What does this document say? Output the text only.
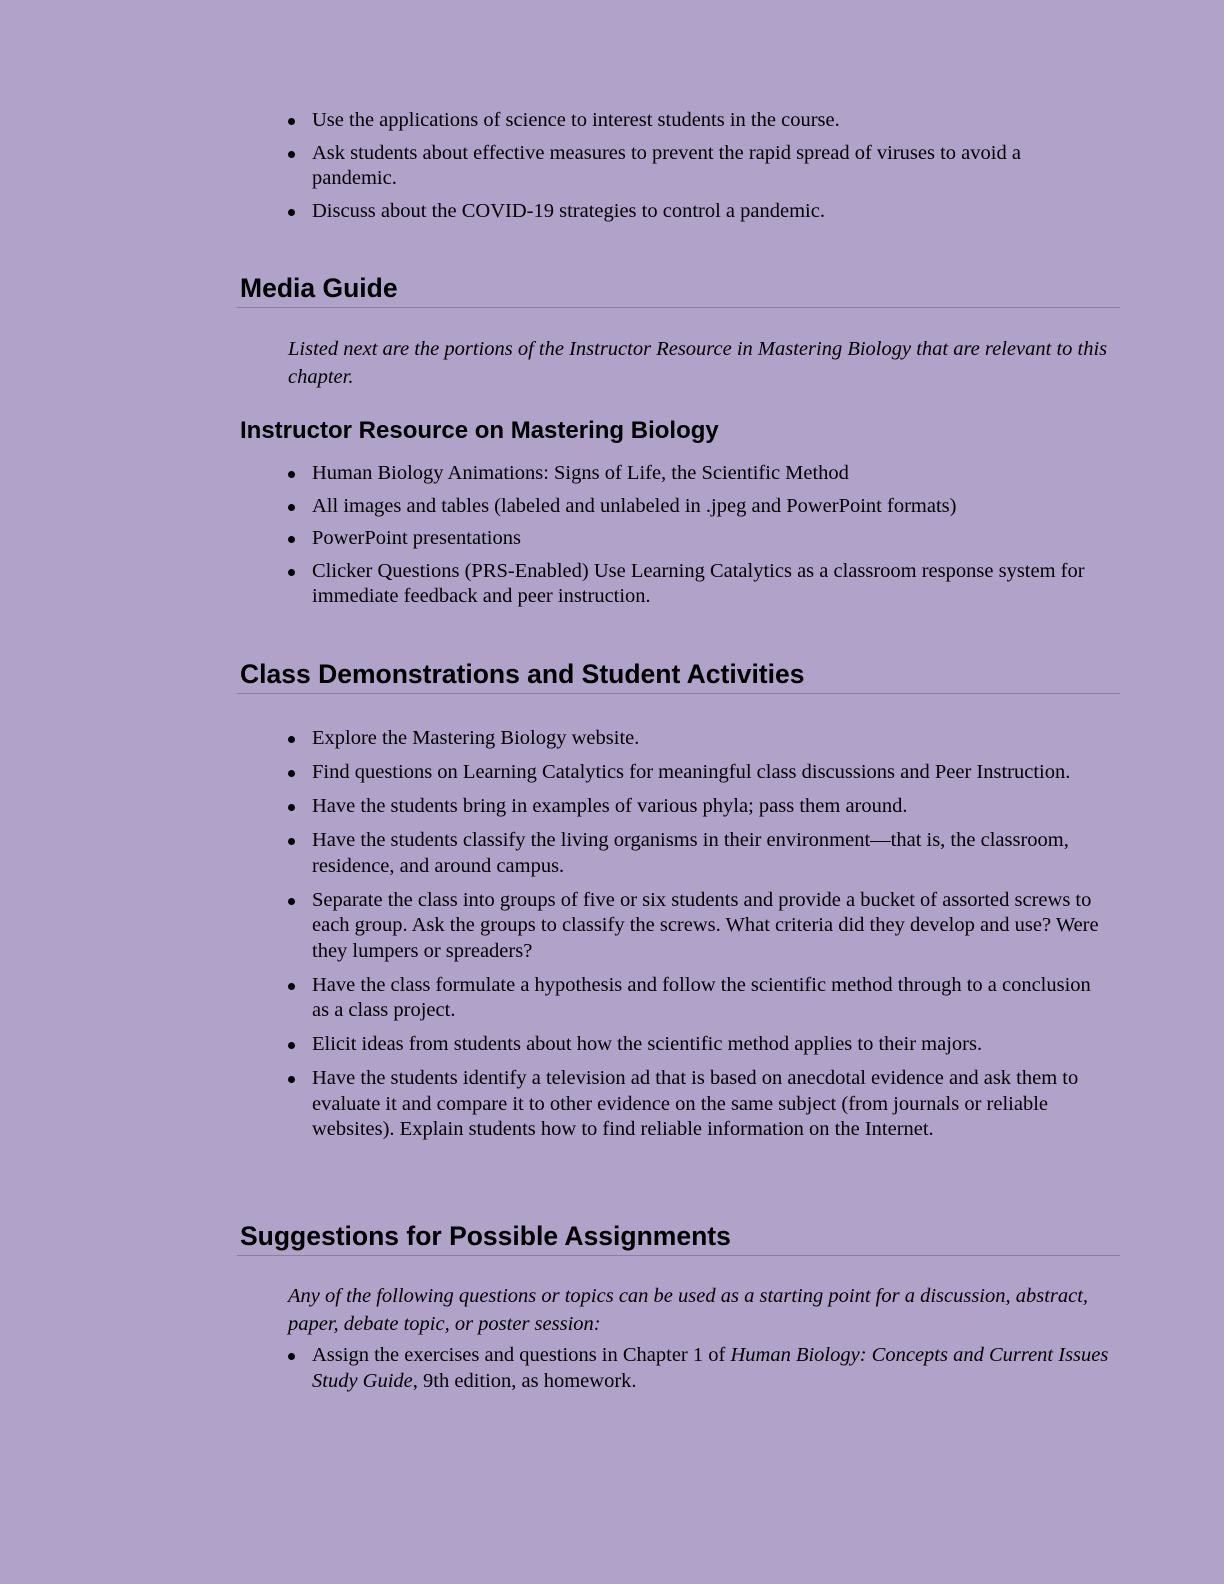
Use the applications of science to interest students in the course.
Ask students about effective measures to prevent the rapid spread of viruses to avoid a pandemic.
Discuss about the COVID-19 strategies to control a pandemic.
Media Guide
Listed next are the portions of the Instructor Resource in Mastering Biology that are relevant to this chapter.
Instructor Resource on Mastering Biology
Human Biology Animations: Signs of Life, the Scientific Method
All images and tables (labeled and unlabeled in .jpeg and PowerPoint formats)
PowerPoint presentations
Clicker Questions (PRS-Enabled) Use Learning Catalytics as a classroom response system for immediate feedback and peer instruction.
Class Demonstrations and Student Activities
Explore the Mastering Biology website.
Find questions on Learning Catalytics for meaningful class discussions and Peer Instruction.
Have the students bring in examples of various phyla; pass them around.
Have the students classify the living organisms in their environment—that is, the classroom, residence, and around campus.
Separate the class into groups of five or six students and provide a bucket of assorted screws to each group. Ask the groups to classify the screws. What criteria did they develop and use? Were they lumpers or spreaders?
Have the class formulate a hypothesis and follow the scientific method through to a conclusion as a class project.
Elicit ideas from students about how the scientific method applies to their majors.
Have the students identify a television ad that is based on anecdotal evidence and ask them to evaluate it and compare it to other evidence on the same subject (from journals or reliable websites). Explain students how to find reliable information on the Internet.
Suggestions for Possible Assignments
Any of the following questions or topics can be used as a starting point for a discussion, abstract, paper, debate topic, or poster session:
Assign the exercises and questions in Chapter 1 of Human Biology: Concepts and Current Issues Study Guide, 9th edition, as homework.
